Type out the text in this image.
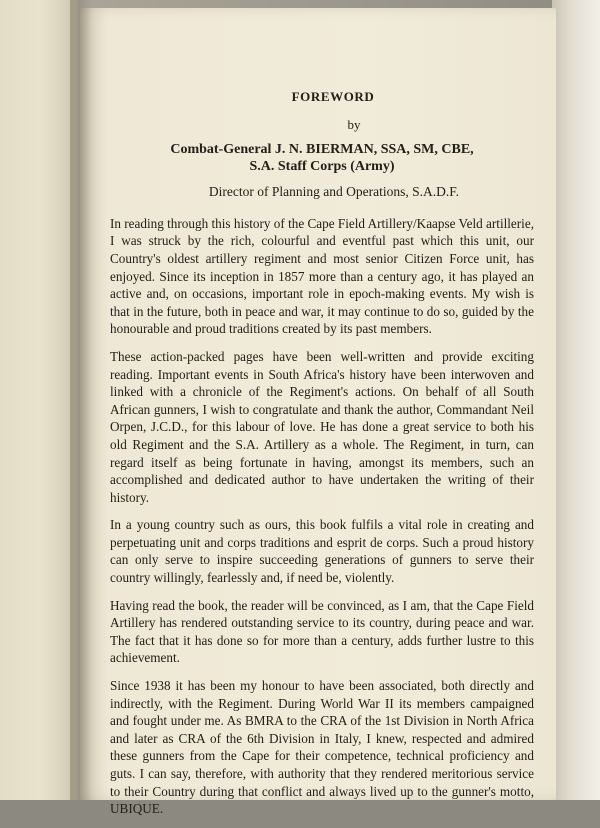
FOREWORD
by
Combat-General J. N. BIERMAN, SSA, SM, CBE,
S.A. Staff Corps (Army)
Director of Planning and Operations, S.A.D.F.

In reading through this history of the Cape Field Artillery/Kaapse Veld artillerie, I was struck by the rich, colourful and eventful past which this unit, our Country's oldest artillery regiment and most senior Citizen Force unit, has enjoyed. Since its inception in 1857 more than a century ago, it has played an active and, on occasions, important role in epoch-making events. My wish is that in the future, both in peace and war, it may continue to do so, guided by the honourable and proud traditions created by its past members.

These action-packed pages have been well-written and provide exciting reading. Important events in South Africa's history have been interwoven and linked with a chronicle of the Regiment's actions. On behalf of all South African gunners, I wish to congratulate and thank the author, Commandant Neil Orpen, J.C.D., for this labour of love. He has done a great service to both his old Regiment and the S.A. Artillery as a whole. The Regiment, in turn, can regard itself as being fortunate in having, amongst its members, such an accomplished and dedicated author to have undertaken the writing of their history.

In a young country such as ours, this book fulfils a vital role in creating and perpetuating unit and corps traditions and esprit de corps. Such a proud history can only serve to inspire succeeding generations of gunners to serve their country willingly, fearlessly and, if need be, violently.

Having read the book, the reader will be convinced, as I am, that the Cape Field Artillery has rendered outstanding service to its country, during peace and war. The fact that it has done so for more than a century, adds further lustre to this achievement.

Since 1938 it has been my honour to have been associated, both directly and indirectly, with the Regiment. During World War II its members campaigned and fought under me. As BMRA to the CRA of the 1st Division in North Africa and later as CRA of the 6th Division in Italy, I knew, respected and admired these gunners from the Cape for their competence, technical proficiency and guts. I can say, therefore, with authority that they rendered meritorious service to their Country during that conflict and always lived up to the gunner's motto, UBIQUE.
